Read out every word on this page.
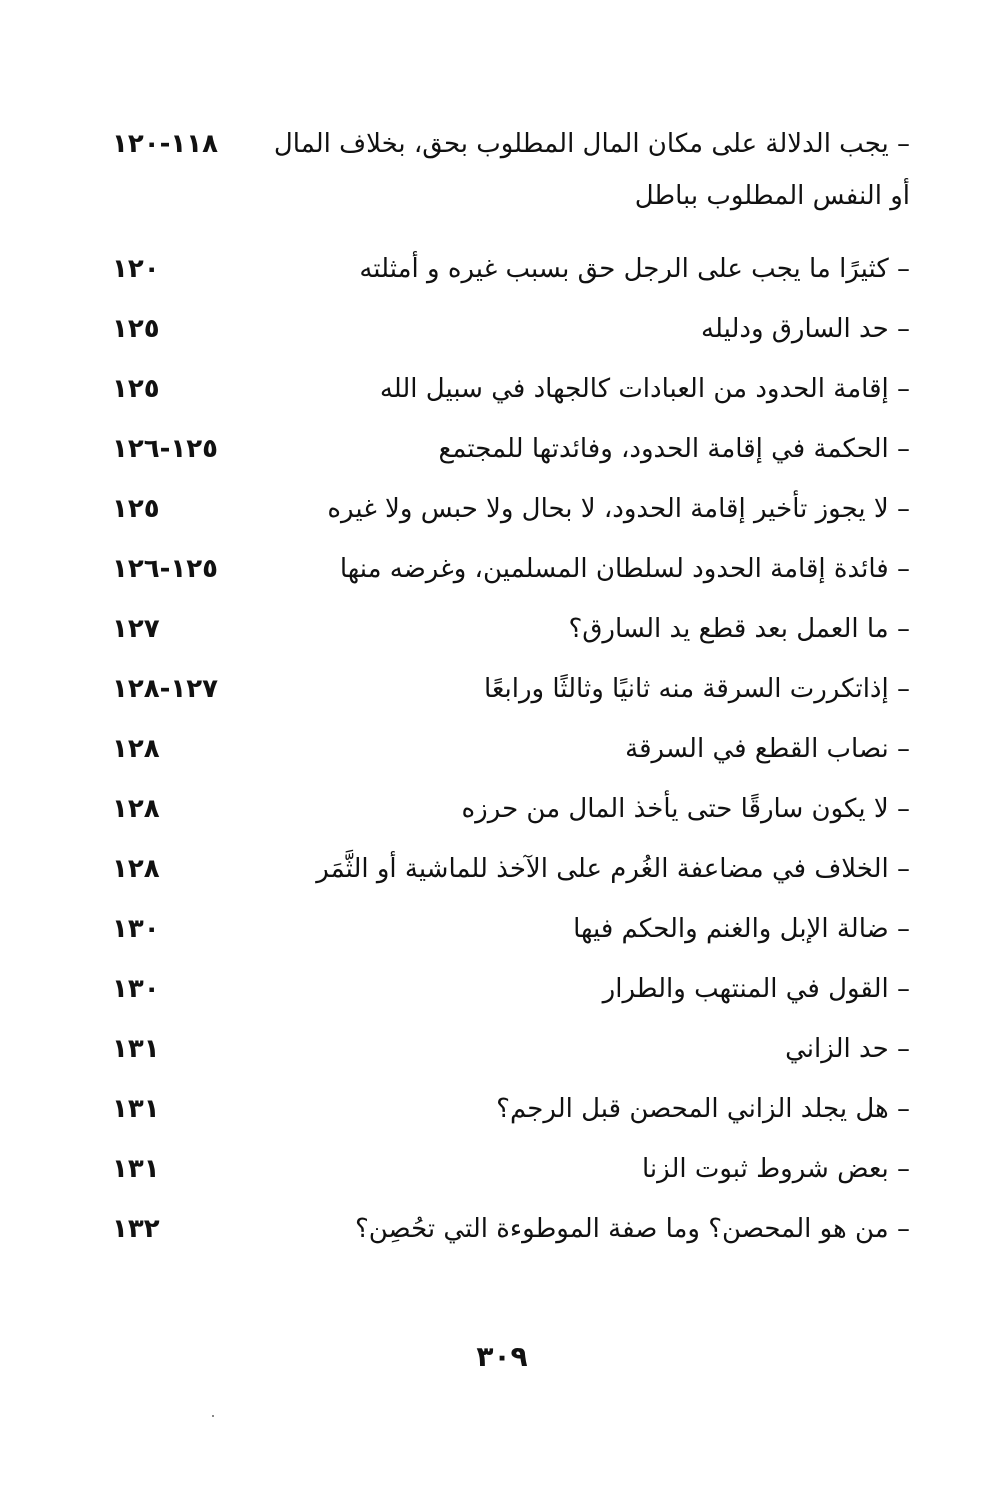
– يجب الدلالة على مكان المال المطلوب بحق، بخلاف المال
أو النفس المطلوب بباطل
١١٨-١٢٠
– كثيرًا ما يجب على الرجل حق بسبب غيره و أمثلته
١٢٠
– حد السارق ودليله
١٢٥
– إقامة الحدود من العبادات كالجهاد في سبيل الله
١٢٥
– الحكمة في إقامة الحدود، وفائدتها للمجتمع
١٢٥-١٢٦
– لا يجوز تأخير إقامة الحدود، لا بحال ولا حبس ولا غيره
١٢٥
– فائدة إقامة الحدود لسلطان المسلمين، وغرضه منها
١٢٥-١٢٦
– ما العمل بعد قطع يد السارق؟
١٢٧
– إذاتكررت السرقة منه ثانيًا وثالثًا ورابعًا
١٢٧-١٢٨
– نصاب القطع في السرقة
١٢٨
– لا يكون سارقًا حتى يأخذ المال من حرزه
١٢٨
– الخلاف في مضاعفة الغُرم على الآخذ للماشية أو الثَّمَر
١٢٨
– ضالة الإبل والغنم والحكم فيها
١٣٠
– القول في المنتهب والطرار
١٣٠
– حد الزاني
١٣١
– هل يجلد الزاني المحصن قبل الرجم؟
١٣١
– بعض شروط ثبوت الزنا
١٣١
– من هو المحصن؟ وما صفة الموطوءة التي تحُصِن؟
١٣٢
٣٠٩
